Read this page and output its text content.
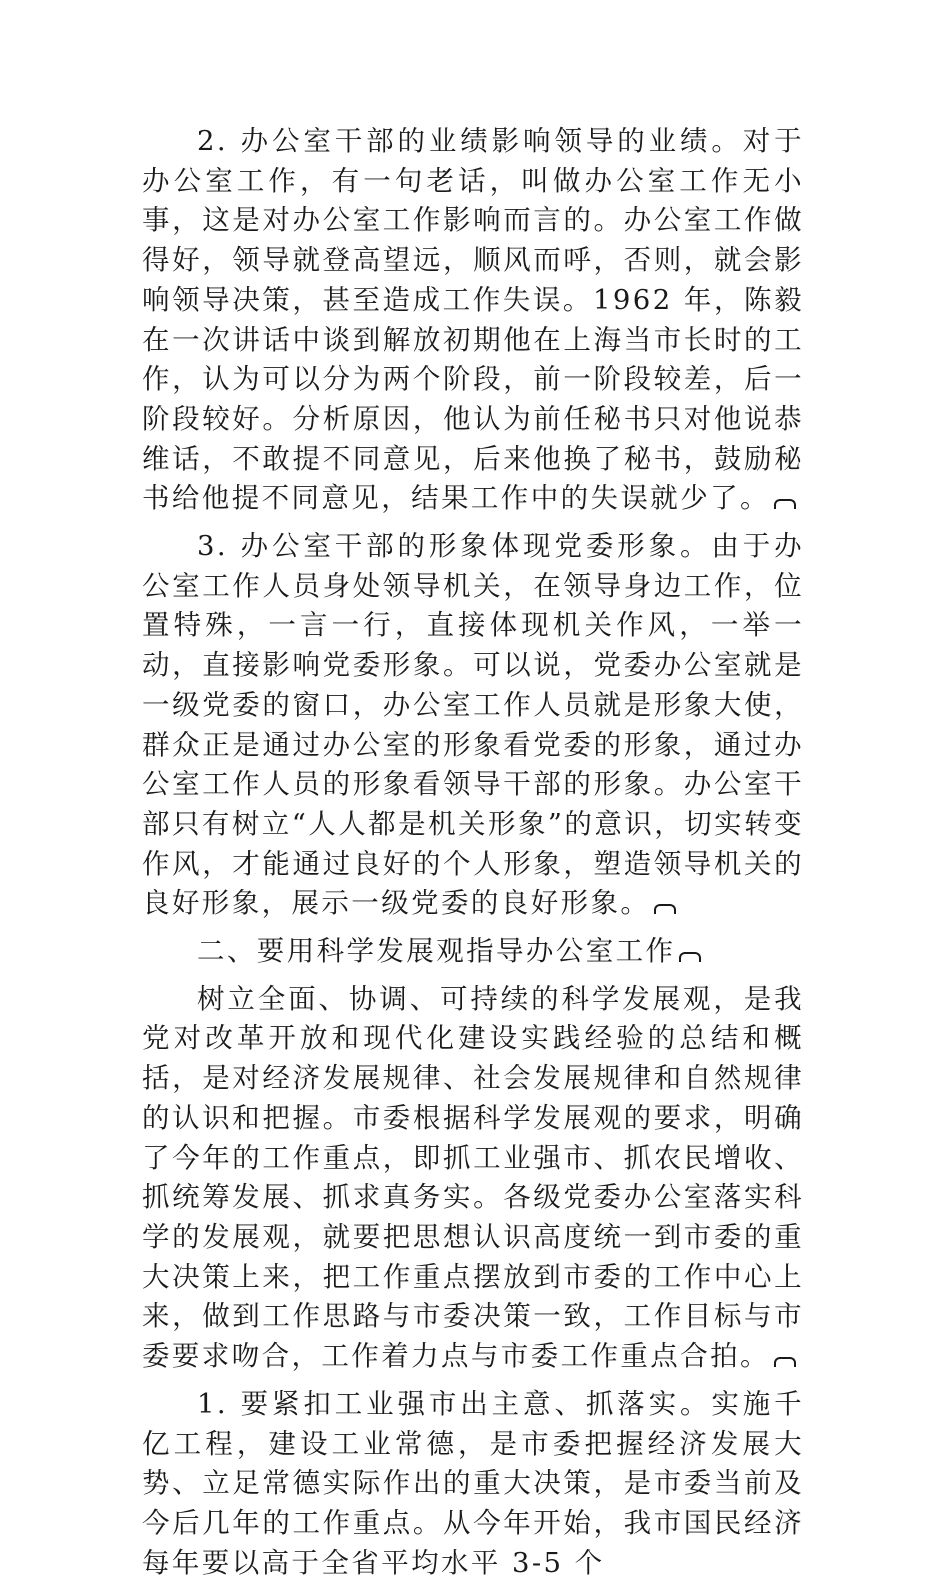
2. 办公室干部的业绩影响领导的业绩。对于办公室工作，有一句老话，叫做办公室工作无小事，这是对办公室工作影响而言的。办公室工作做得好，领导就登高望远，顺风而呼，否则，就会影响领导决策，甚至造成工作失误。1962 年，陈毅在一次讲话中谈到解放初期他在上海当市长时的工作，认为可以分为两个阶段，前一阶段较差，后一阶段较好。分析原因，他认为前任秘书只对他说恭维话，不敢提不同意见，后来他换了秘书，鼓励秘书给他提不同意见，结果工作中的失误就少了。

3. 办公室干部的形象体现党委形象。由于办公室工作人员身处领导机关，在领导身边工作，位置特殊，一言一行，直接体现机关作风，一举一动，直接影响党委形象。可以说，党委办公室就是一级党委的窗口，办公室工作人员就是形象大使，群众正是通过办公室的形象看党委的形象，通过办公室工作人员的形象看领导干部的形象。办公室干部只有树立“人人都是机关形象”的意识，切实转变作风，才能通过良好的个人形象，塑造领导机关的良好形象，展示一级党委的良好形象。

二、要用科学发展观指导办公室工作

树立全面、协调、可持续的科学发展观，是我党对改革开放和现代化建设实践经验的总结和概括，是对经济发展规律、社会发展规律和自然规律的认识和把握。市委根据科学发展观的要求，明确了今年的工作重点，即抓工业强市、抓农民增收、抓统筹发展、抓求真务实。各级党委办公室落实科学的发展观，就要把思想认识高度统一到市委的重大决策上来，把工作重点摆放到市委的工作中心上来，做到工作思路与市委决策一致，工作目标与市委要求吻合，工作着力点与市委工作重点合拍。

1. 要紧扣工业强市出主意、抓落实。实施千亿工程，建设工业常德，是市委把握经济发展大势、立足常德实际作出的重大决策，是市委当前及今后几年的工作重点。从今年开始，我市国民经济每年要以高于全省平均水平 3-5 个
